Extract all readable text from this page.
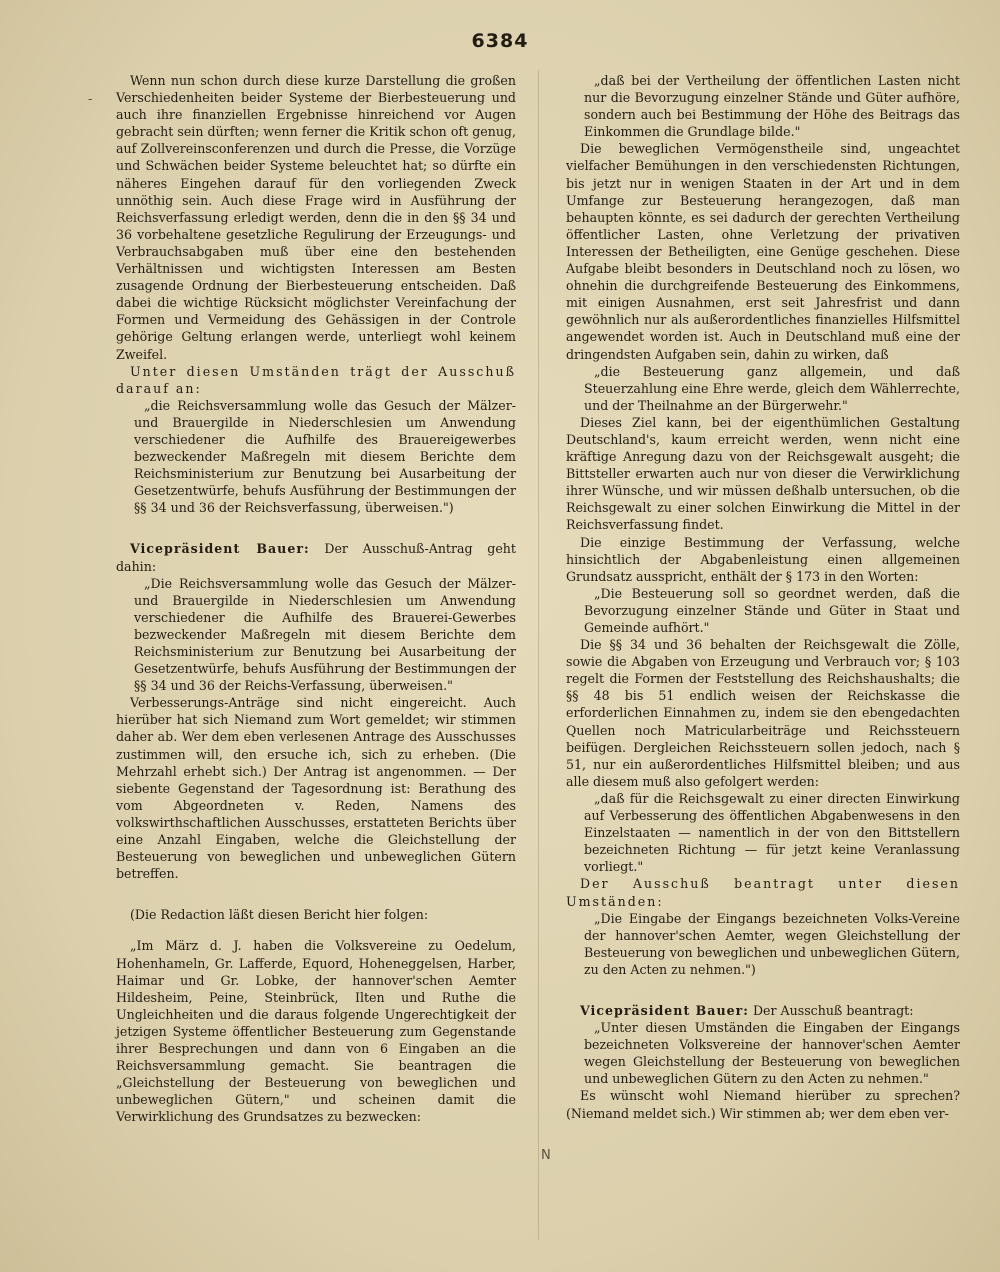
6384
‑

Wenn nun schon durch diese kurze Darstellung die großen Verschiedenheiten beider Systeme der Bierbesteuerung und auch ihre finanziellen Ergebnisse hinreichend vor Augen gebracht sein dürften; wenn ferner die Kritik schon oft genug, auf Zollvereinsconferenzen und durch die Presse, die Vorzüge und Schwächen beider Systeme beleuchtet hat; so dürfte ein näheres Eingehen darauf für den vorliegenden Zweck unnöthig sein. Auch diese Frage wird in Ausführung der Reichsverfassung erledigt werden, denn die in den §§ 34 und 36 vorbehaltene gesetzliche Regulirung der Erzeugungs- und Verbrauchsabgaben muß über eine den bestehenden Verhältnissen und wichtigsten Interessen am Besten zusagende Ordnung der Bierbesteuerung entscheiden. Daß dabei die wichtige Rücksicht möglichster Vereinfachung der Formen und Vermeidung des Gehässigen in der Controle gehörige Geltung erlangen werde, unterliegt wohl keinem Zweifel.

Unter diesen Umständen trägt der Ausschuß darauf an:

„die Reichsversammlung wolle das Gesuch der Mälzer- und Brauergilde in Niederschlesien um Anwendung verschiedener die Aufhilfe des Brauereigewerbes bezweckender Maßregeln mit diesem Berichte dem Reichsministerium zur Benutzung bei Ausarbeitung der Gesetzentwürfe, behufs Ausführung der Bestimmungen der §§ 34 und 36 der Reichsverfassung, überweisen.")

Vicepräsident Bauer: Der Ausschuß-Antrag geht dahin:

„Die Reichsversammlung wolle das Gesuch der Mälzer- und Brauergilde in Niederschlesien um Anwendung verschiedener die Aufhilfe des Brauerei-Gewerbes bezweckender Maßregeln mit diesem Berichte dem Reichsministerium zur Benutzung bei Ausarbeitung der Gesetzentwürfe, behufs Ausführung der Bestimmungen der §§ 34 und 36 der Reichs-Verfassung, überweisen."

Verbesserungs-Anträge sind nicht eingereicht. Auch hierüber hat sich Niemand zum Wort gemeldet; wir stimmen daher ab. Wer dem eben verlesenen Antrage des Ausschusses zustimmen will, den ersuche ich, sich zu erheben. (Die Mehrzahl erhebt sich.) Der Antrag ist angenommen. — Der siebente Gegenstand der Tagesordnung ist: Berathung des vom Abgeordneten v. Reden, Namens des volkswirthschaftlichen Ausschusses, erstatteten Berichts über eine Anzahl Eingaben, welche die Gleichstellung der Besteuerung von beweglichen und unbeweglichen Gütern betreffen.

(Die Redaction läßt diesen Bericht hier folgen:

„Im März d. J. haben die Volksvereine zu Oedelum, Hohenhameln, Gr. Lafferde, Equord, Hoheneggelsen, Harber, Haimar und Gr. Lobke, der hannover'schen Aemter Hildesheim, Peine, Steinbrück, Ilten und Ruthe die Ungleichheiten und die daraus folgende Ungerechtigkeit der jetzigen Systeme öffentlicher Besteuerung zum Gegenstande ihrer Besprechungen und dann von 6 Eingaben an die Reichsversammlung gemacht. Sie beantragen die „Gleichstellung der Besteuerung von beweglichen und unbeweglichen Gütern," und scheinen damit die Verwirklichung des Grundsatzes zu bezwecken:

„daß bei der Vertheilung der öffentlichen Lasten nicht nur die Bevorzugung einzelner Stände und Güter aufhöre, sondern auch bei Bestimmung der Höhe des Beitrags das Einkommen die Grundlage bilde."

Die beweglichen Vermögenstheile sind, ungeachtet vielfacher Bemühungen in den verschiedensten Richtungen, bis jetzt nur in wenigen Staaten in der Art und in dem Umfange zur Besteuerung herangezogen, daß man behaupten könnte, es sei dadurch der gerechten Vertheilung öffentlicher Lasten, ohne Verletzung der privativen Interessen der Betheiligten, eine Genüge geschehen. Diese Aufgabe bleibt besonders in Deutschland noch zu lösen, wo ohnehin die durchgreifende Besteuerung des Einkommens, mit einigen Ausnahmen, erst seit Jahresfrist und dann gewöhnlich nur als außerordentliches finanzielles Hilfsmittel angewendet worden ist. Auch in Deutschland muß eine der dringendsten Aufgaben sein, dahin zu wirken, daß

„die Besteuerung ganz allgemein, und daß Steuerzahlung eine Ehre werde, gleich dem Wählerrechte, und der Theilnahme an der Bürgerwehr."

Dieses Ziel kann, bei der eigenthümlichen Gestaltung Deutschland's, kaum erreicht werden, wenn nicht eine kräftige Anregung dazu von der Reichsgewalt ausgeht; die Bittsteller erwarten auch nur von dieser die Verwirklichung ihrer Wünsche, und wir müssen deßhalb untersuchen, ob die Reichsgewalt zu einer solchen Einwirkung die Mittel in der Reichsverfassung findet.

Die einzige Bestimmung der Verfassung, welche hinsichtlich der Abgabenleistung einen allgemeinen Grundsatz ausspricht, enthält der § 173 in den Worten:

„Die Besteuerung soll so geordnet werden, daß die Bevorzugung einzelner Stände und Güter in Staat und Gemeinde aufhört."

Die §§ 34 und 36 behalten der Reichsgewalt die Zölle, sowie die Abgaben von Erzeugung und Verbrauch vor; § 103 regelt die Formen der Feststellung des Reichshaushalts; die §§ 48 bis 51 endlich weisen der Reichskasse die erforderlichen Einnahmen zu, indem sie den ebengedachten Quellen noch Matricularbeiträge und Reichssteuern beifügen. Dergleichen Reichssteuern sollen jedoch, nach § 51, nur ein außerordentliches Hilfsmittel bleiben; und aus alle diesem muß also gefolgert werden:

„daß für die Reichsgewalt zu einer directen Einwirkung auf Verbesserung des öffentlichen Abgabenwesens in den Einzelstaaten — namentlich in der von den Bittstellern bezeichneten Richtung — für jetzt keine Veranlassung vorliegt."

Der Ausschuß beantragt unter diesen Umständen:

„Die Eingabe der Eingangs bezeichneten Volks-Vereine der hannover'schen Aemter, wegen Gleichstellung der Besteuerung von beweglichen und unbeweglichen Gütern, zu den Acten zu nehmen.")

Vicepräsident Bauer: Der Ausschuß beantragt:

„Unter diesen Umständen die Eingaben der Eingangs bezeichneten Volksvereine der hannover'schen Aemter wegen Gleichstellung der Besteuerung von beweglichen und unbeweglichen Gütern zu den Acten zu nehmen."

Es wünscht wohl Niemand hierüber zu sprechen? (Niemand meldet sich.) Wir stimmen ab; wer dem eben ver-

N
